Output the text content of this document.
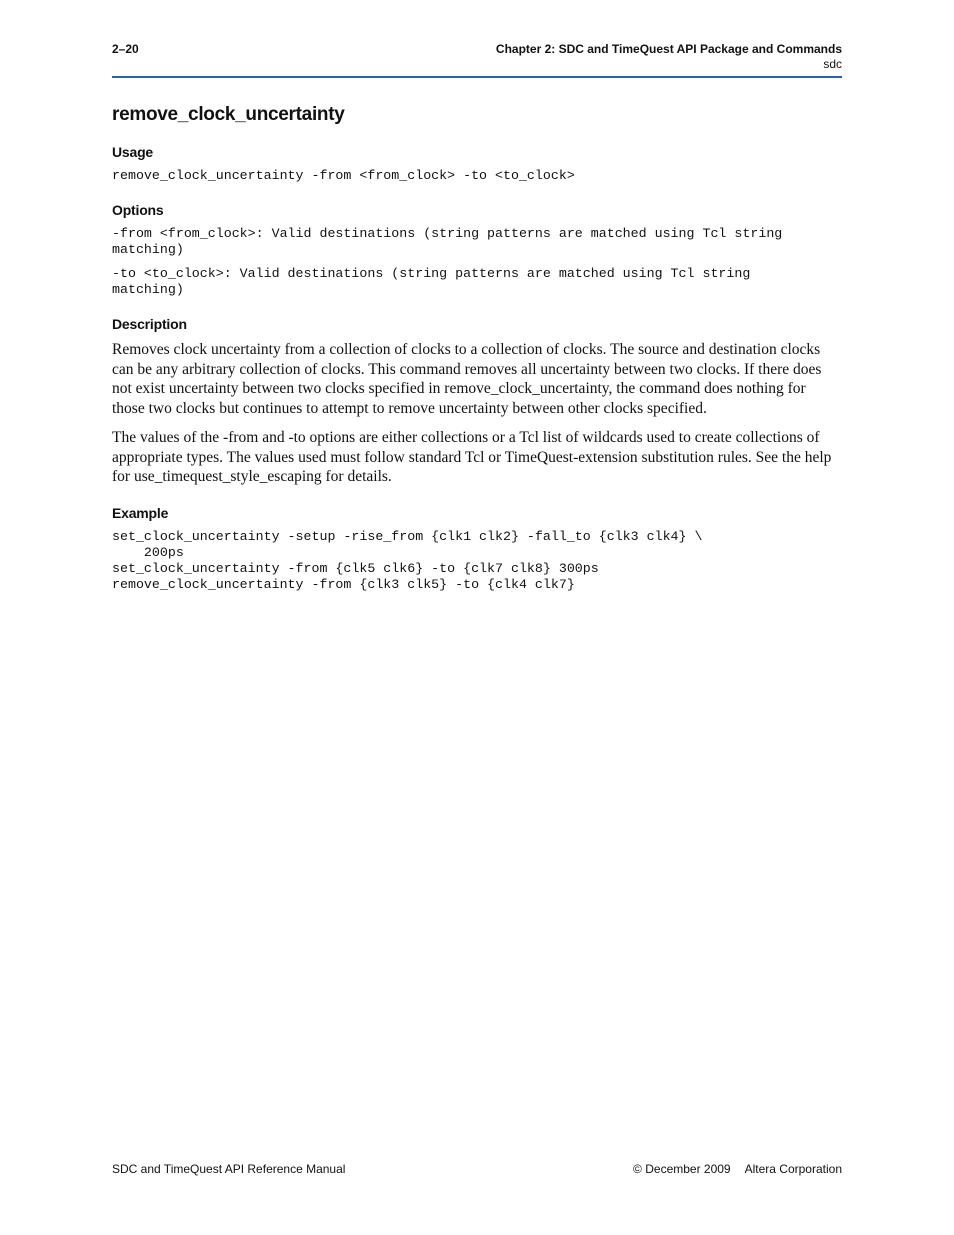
2–20	Chapter 2: SDC and TimeQuest API Package and Commands
sdc
remove_clock_uncertainty
Usage
remove_clock_uncertainty -from <from_clock> -to <to_clock>
Options
-from <from_clock>: Valid destinations (string patterns are matched using Tcl string
matching)
-to <to_clock>: Valid destinations (string patterns are matched using Tcl string
matching)
Description

Removes clock uncertainty from a collection of clocks to a collection of clocks. The source and destination clocks can be any arbitrary collection of clocks. This command removes all uncertainty between two clocks. If there does not exist uncertainty between two clocks specified in remove_clock_uncertainty, the command does nothing for those two clocks but continues to attempt to remove uncertainty between other clocks specified.

The values of the -from and -to options are either collections or a Tcl list of wildcards used to create collections of appropriate types. The values used must follow standard Tcl or TimeQuest-extension substitution rules. See the help for use_timequest_style_escaping for details.

Example
set_clock_uncertainty -setup -rise_from {clk1 clk2} -fall_to {clk3 clk4} \
200ps
set_clock_uncertainty -from {clk5 clk6} -to {clk7 clk8} 300ps
remove_clock_uncertainty -from {clk3 clk5} -to {clk4 clk7}
SDC and TimeQuest API Reference Manual	© December 2009 Altera Corporation
